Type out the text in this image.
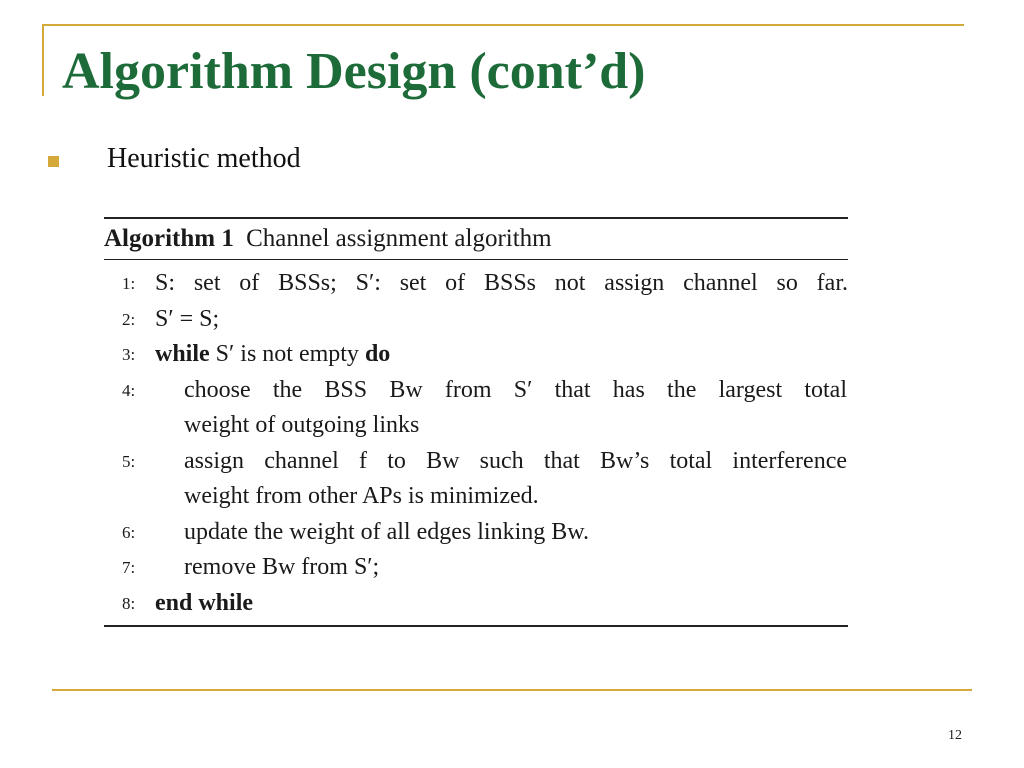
Algorithm Design (cont’d)
Heuristic method
Algorithm 1 Channel assignment algorithm
1: S: set of BSSs; S′: set of BSSs not assign channel so far.

2: S′ = S;

3: while S′ is not empty do

4: choose the BSS Bw from S′ that has the largest total

weight of outgoing links

5: assign channel f to Bw such that Bw’s total interference

weight from other APs is minimized.

6: update the weight of all edges linking Bw.

7: remove Bw from S′;

8: end while

12
